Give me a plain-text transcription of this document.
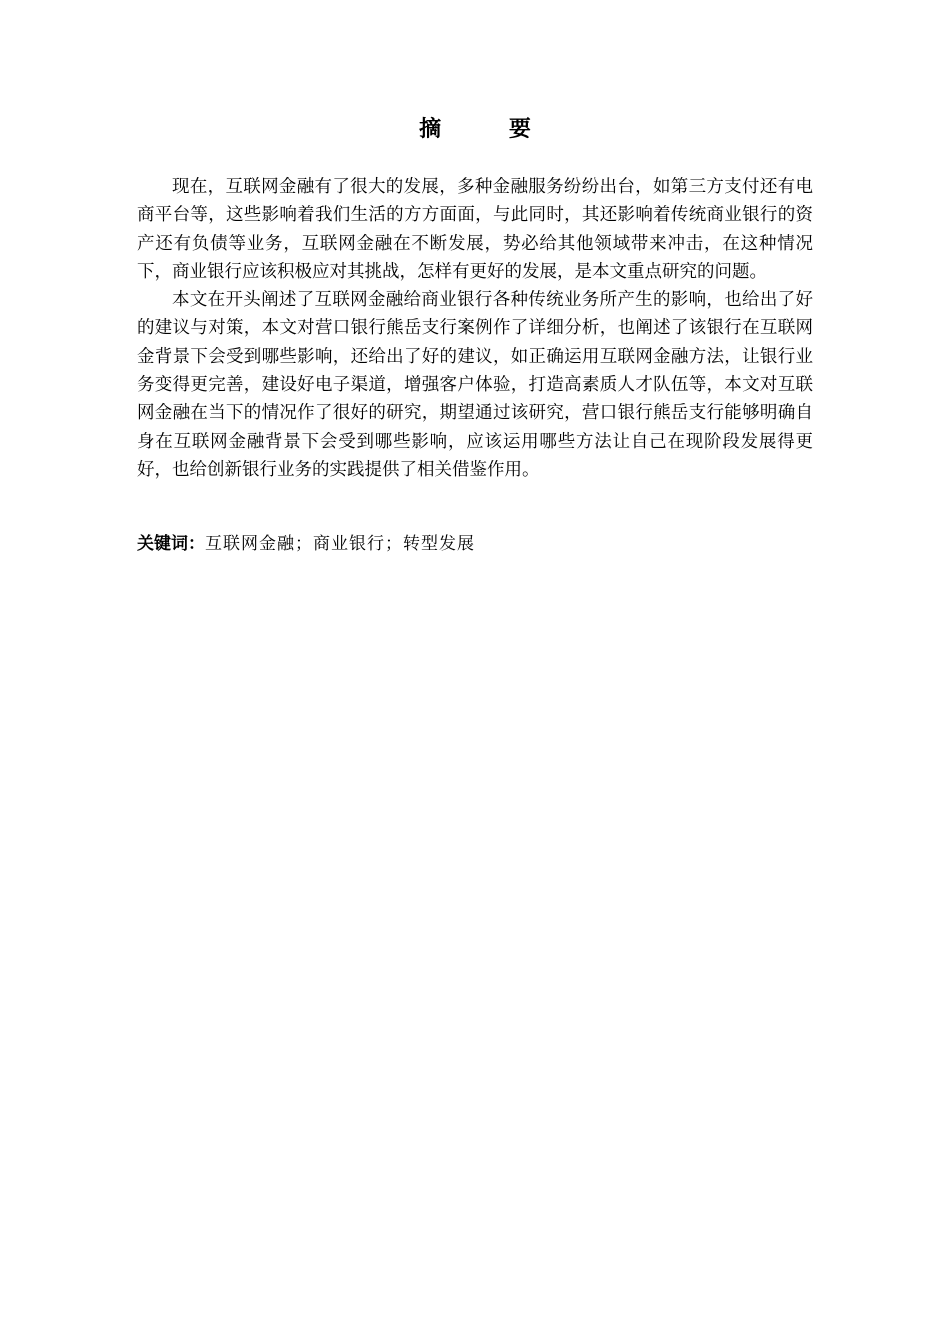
摘 要

现在，互联网金融有了很大的发展，多种金融服务纷纷出台，如第三方支付还有电商平台等，这些影响着我们生活的方方面面，与此同时，其还影响着传统商业银行的资产还有负债等业务，互联网金融在不断发展，势必给其他领域带来冲击，在这种情况下，商业银行应该积极应对其挑战，怎样有更好的发展，是本文重点研究的问题。

本文在开头阐述了互联网金融给商业银行各种传统业务所产生的影响，也给出了好的建议与对策，本文对营口银行熊岳支行案例作了详细分析，也阐述了该银行在互联网金背景下会受到哪些影响，还给出了好的建议，如正确运用互联网金融方法，让银行业务变得更完善，建设好电子渠道，增强客户体验，打造高素质人才队伍等，本文对互联网金融在当下的情况作了很好的研究，期望通过该研究，营口银行熊岳支行能够明确自身在互联网金融背景下会受到哪些影响，应该运用哪些方法让自己在现阶段发展得更好，也给创新银行业务的实践提供了相关借鉴作用。

关键词：互联网金融；商业银行；转型发展
